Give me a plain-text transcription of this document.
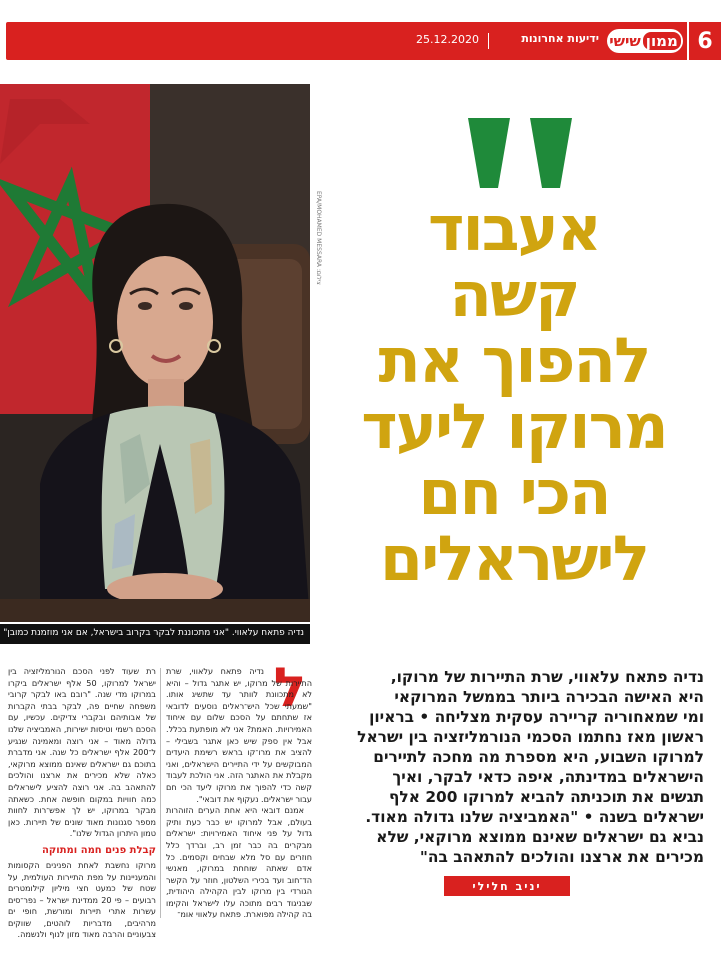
6
ממון
שישי
ידיעות אחרונות
25.12.2020
צילום: EPA/MOHAMED MESSARA
נדיה פתאח עלאווי. "אני מתכוננת לבקר בקרוב בישראל, אם אני מוזמנת כמובן"
אעבוד
קשה
להפוך את
מרוקו ליעד
הכי חם
לישראלים
נדיה פתאח עלאווי, שרת התיירות של מרוקו,
היא האישה הבכירה ביותר בממשל המרוקאי
ומי שמאחוריה קריירה עסקית מצליחה • בראיון
ראשון מאז נחתמו הסכמי הנורמליזציה בין ישראל
למרוקו השבוע, היא מספרת מה מחכה לתיירים
הישראלים במדינתה, איפה כדאי לבקר, ואיך
תגשים את תוכניתה להביא למרוקו 200 אלף
ישראלים בשנה • "האמביציה שלנו גדולה מאוד.
נביא גם ישראלים שאינם ממוצא מרוקאי, שלא
מכירים את ארצנו והולכים להתאהב בה"
יניב חלילי
ל

נדיה פתאח עלאווי, שרת התיירות של מרוקו, יש אתגר גדול – והיא לא מתכוונת לוותר עד שתשיג אותו. "שמעתי שכל היש־ראלים נוסעים לדובאי אז שתחתם על הסכם שלום עם איחוד האמירויות. האמת? אני לא מופתעת בכלל. אבל אין ספק שיש כאן אתגר בשבילי – להציב את מרו־קו בראש רשימת היעדים המבוקשים על ידי התיירים הישראלים, ואני מקבלת את האתגר הזה. אני הולכת לעבוד קשה כדי להפוך את מרוקו ליעד הכי חם עבור ישראלים. נעקוף את דובאי".

אמנם דובאי היא אחת הערים הזוהרות בעולם, אבל למרוקו יש כבר כעת ותיק גדול על פני איחוד האמירויות: ישראלים מבקרים בה כבר זמן רב, וברדך כלל חוזרים עם סל מלא שבחים וקסמים. כל אדם שאתה שוחחת במרוקו, מאנשי הד־חוב ועד בכירי השלטון, חוזר על הקשר הגורדי בין מרוקו לבין הקהילה היהודית, שבניגוד רבים מתוכה עלו לישראל והקימו בה קהילה מפוארת. פתאח עלאווי אומ־

רת שעוד לפני הסכם הנורמליזציה בין ישראל למרוקו, 50 אלף ישראלים ביקרו במרוקו מדי שנה. "רובם באו לבקר קרובי משפחה שחיים פה, לבקר בבתי הקברות של אבותיהם ובקברי צדיקים. עכשיו, עם הסכם רשמי וטיסות ישירות, האמביציה שלנו גדולה מאוד – אני רוצה ומאמינה שנגיע ל־200 אלף ישראלים כל שנה. אני מדברת בתוכם גם ישראלים שאינם ממוצא מרוקאי, כאלה שלא מכירים את ארצנו והולכים להתאהב בה. אני רוצה להציע לישראלים כמה חוויות במקום חופשה אחת. כשאתה מבקר במרוקו, יש לך אפש־רות לחוות מספר סגנונות מאוד שונים של תיירות. כאן טמון היתרון הגדול שלנו".

קבלת פנים חמה ומתוקה

מרוקו נחשבת לאחת הפנינים הקסומות והמעניינות על מפת התיירות העולמית, על שטח של כמעט חצי מיליון קילומטרים רבועים – פי 20 ממדינת ישראל – נפר־סים עשרות אתרי תיירות ומורשת, חופי ים מרהיבים, מדבריות לוהטים, שווקים צבעוניים והרבה מאוד מזון לנוף ולנשמה.
